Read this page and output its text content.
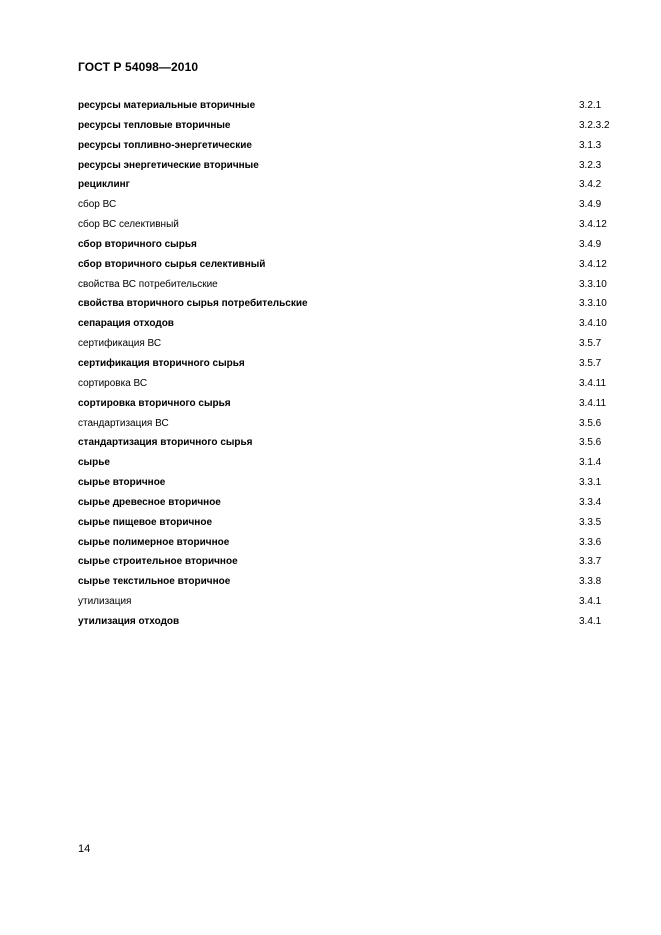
ГОСТ Р 54098—2010
ресурсы материальные вторичные	3.2.1
ресурсы тепловые вторичные	3.2.3.2
ресурсы топливно-энергетические	3.1.3
ресурсы энергетические вторичные	3.2.3
рециклинг	3.4.2
сбор ВС	3.4.9
сбор ВС селективный	3.4.12
сбор вторичного сырья	3.4.9
сбор вторичного сырья селективный	3.4.12
свойства ВС потребительские	3.3.10
свойства вторичного сырья потребительские	3.3.10
сепарация отходов	3.4.10
сертификация ВС	3.5.7
сертификация вторичного сырья	3.5.7
сортировка ВС	3.4.11
сортировка вторичного сырья	3.4.11
стандартизация ВС	3.5.6
стандартизация вторичного сырья	3.5.6
сырье	3.1.4
сырье вторичное	3.3.1
сырье древесное вторичное	3.3.4
сырье пищевое вторичное	3.3.5
сырье полимерное вторичное	3.3.6
сырье строительное вторичное	3.3.7
сырье текстильное вторичное	3.3.8
утилизация	3.4.1
утилизация отходов	3.4.1
14
